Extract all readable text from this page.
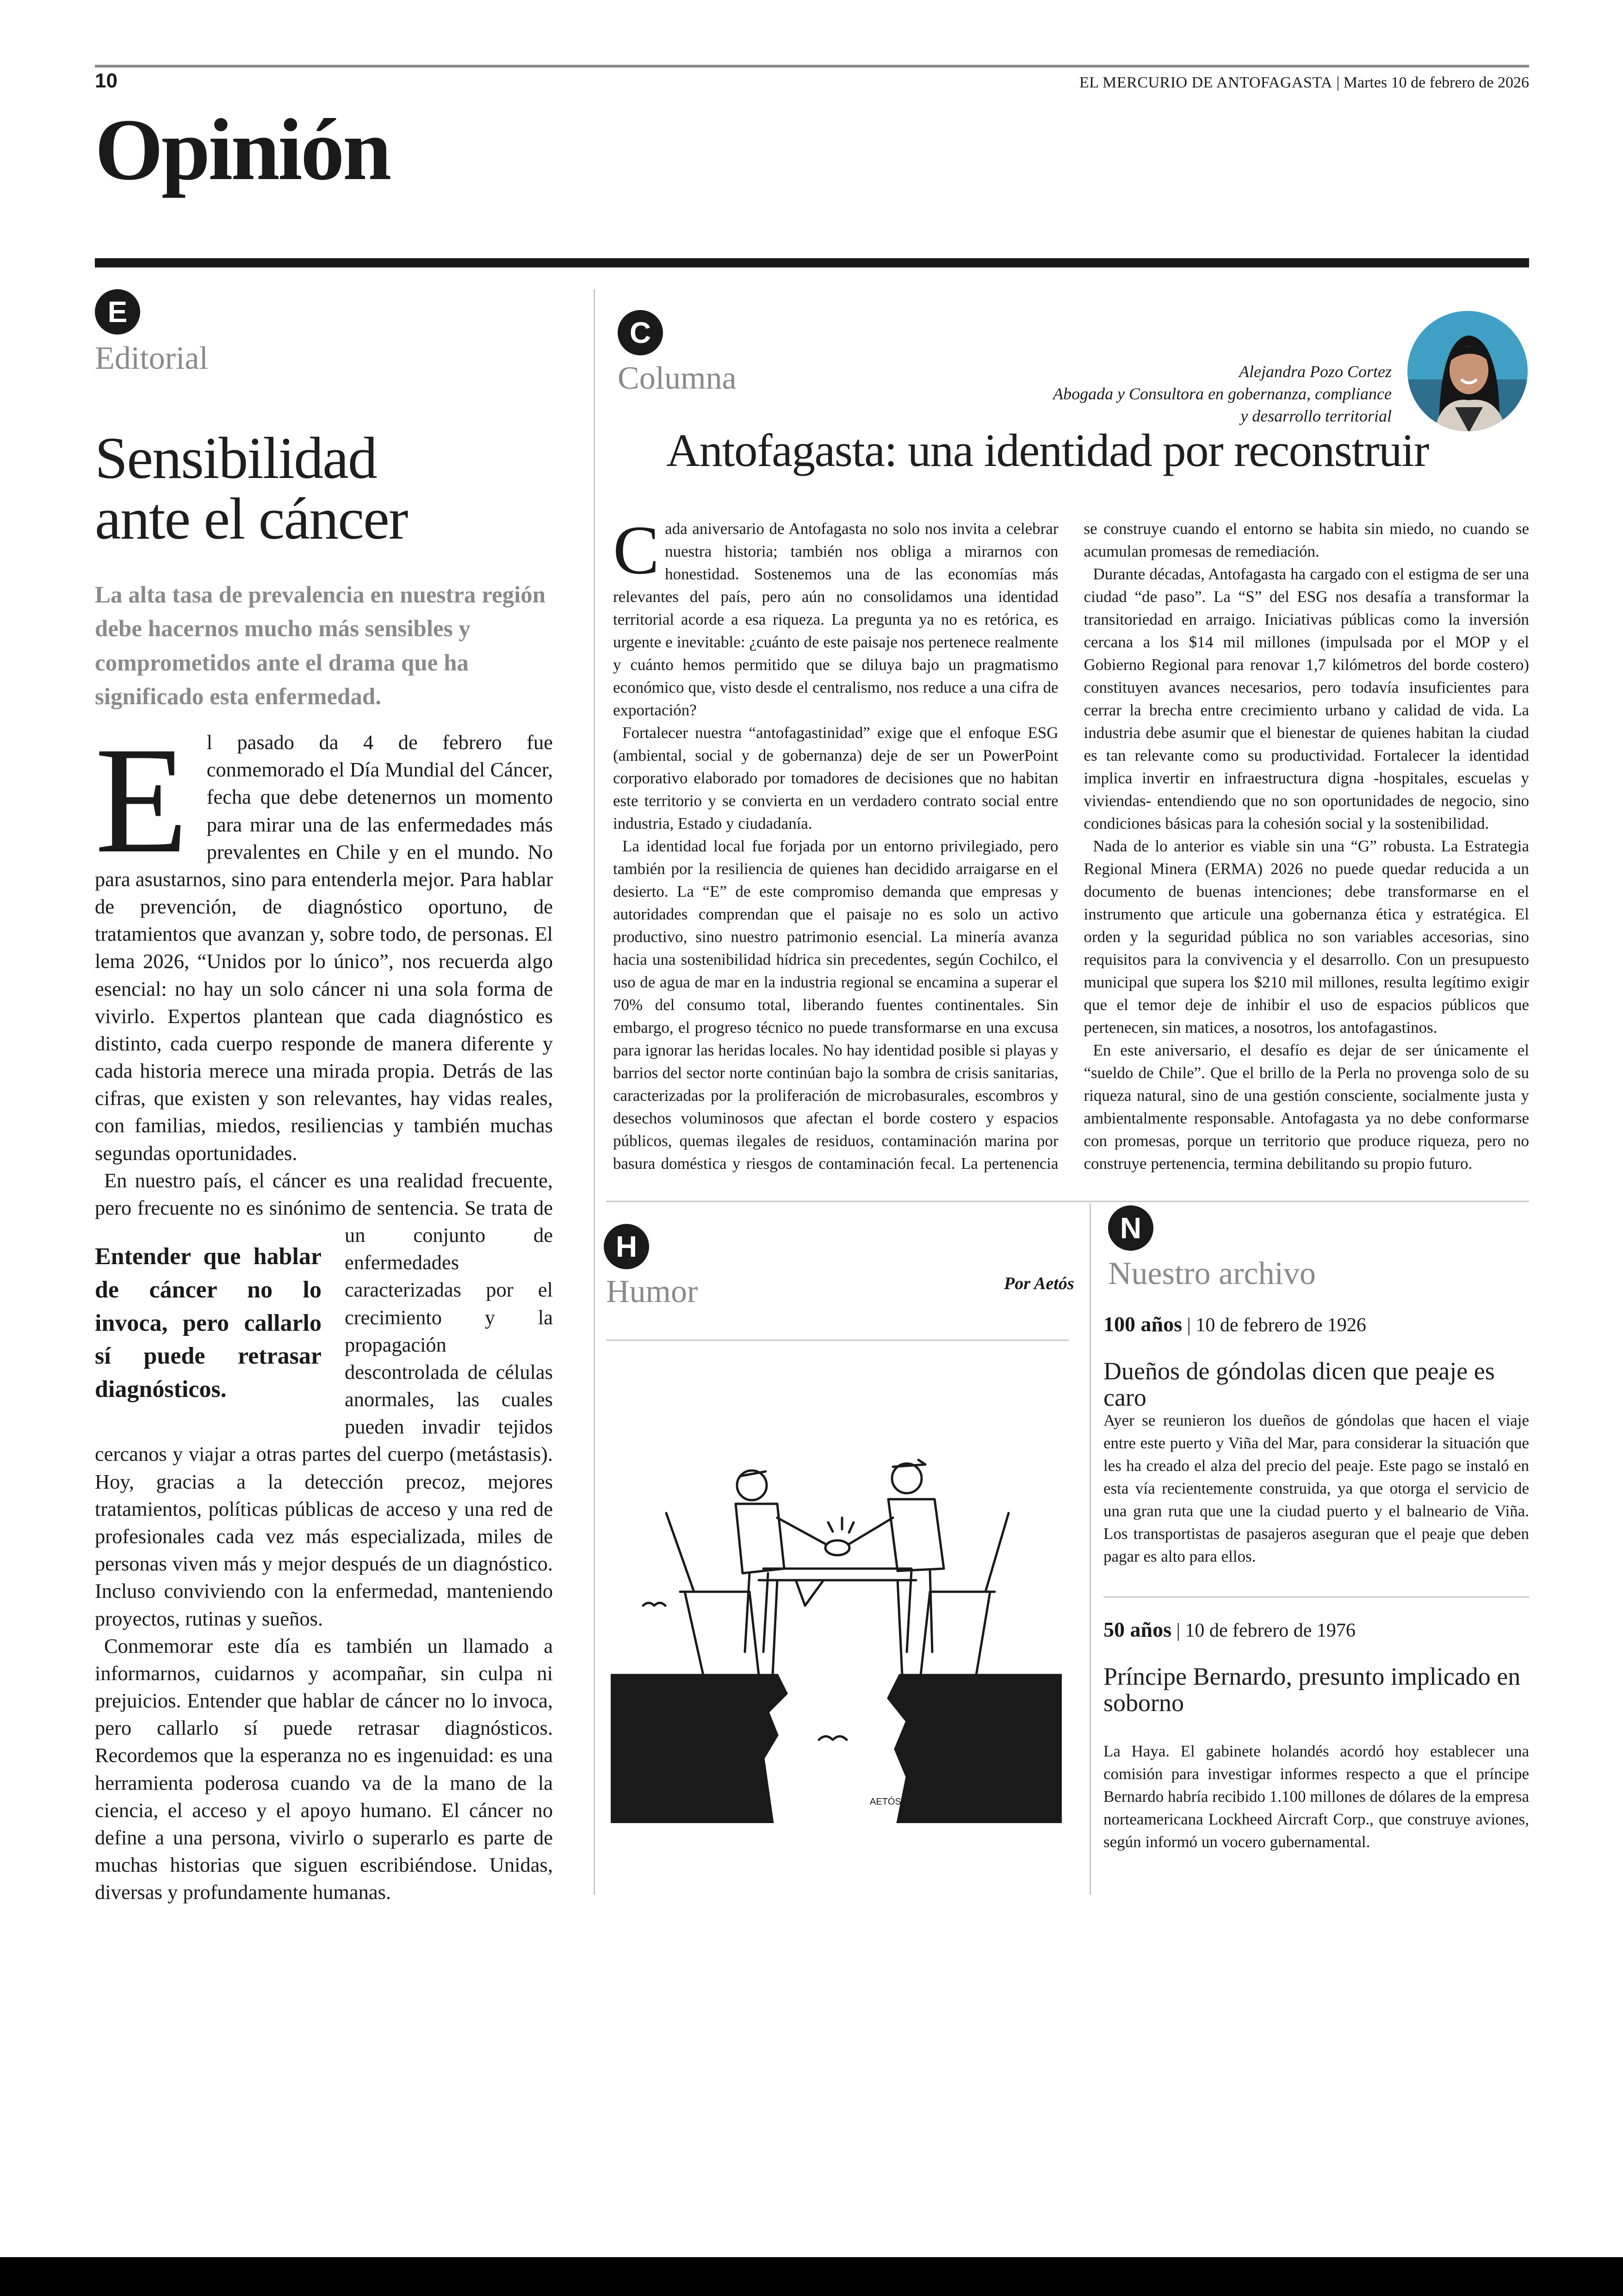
10	EL MERCURIO DE ANTOFAGASTA | Martes 10 de febrero de 2026
Opinión
E
Editorial
Sensibilidad
ante el cáncer
La alta tasa de prevalencia en nuestra región debe hacernos mucho más sensibles y comprometidos ante el drama que ha significado esta enfermedad.

El pasado da 4 de febrero fue conmemorado el Día Mundial del Cáncer, fecha que debe detenernos un momento para mirar una de las enfermedades más prevalentes en Chile y en el mundo. No para asustarnos, sino para entenderla mejor. Para hablar de prevención, de diagnóstico oportuno, de tratamientos que avanzan y, sobre todo, de personas. El lema 2026, “Unidos por lo único”, nos recuerda algo esencial: no hay un solo cáncer ni una sola forma de vivirlo. Expertos plantean que cada diagnóstico es distinto, cada cuerpo responde de manera diferente y cada historia merece una mirada propia. Detrás de las cifras, que existen y son relevantes, hay vidas reales, con familias, miedos, resiliencias y también muchas segundas oportunidades.

En nuestro país, el cáncer es una realidad frecuente, pero frecuente no es sinónimo de sentencia. Se trata
Entender que hablar de cáncer no lo invoca, pero callarlo sí puede retrasar diagnósticos.
de un conjunto de enfermedades caracterizadas por el crecimiento y la propagación descontrolada de células anormales, las cuales pueden invadir tejidos cercanos y viajar a otras partes del cuerpo (metástasis). Hoy, gracias a la detección precoz, mejores tratamientos, políticas públicas de acceso y una red de profesionales cada vez más especializada, miles de personas viven más y mejor después de un diagnóstico. Incluso conviviendo con la enfermedad, manteniendo proyectos, rutinas y sueños.

Conmemorar este día es también un llamado a informarnos, cuidarnos y acompañar, sin culpa ni prejuicios. Entender que hablar de cáncer no lo invoca, pero callarlo sí puede retrasar diagnósticos. Recordemos que la esperanza no es ingenuidad: es una herramienta poderosa cuando va de la mano de la ciencia, el acceso y el apoyo humano. El cáncer no define a una persona, vivirlo o superarlo es parte de muchas historias que siguen escribiéndose. Unidas, diversas y profundamente humanas.

C
Columna	Alejandra Pozo Cortez
Abogada y Consultora en gobernanza, compliance
y desarrollo territorial
Antofagasta: una identidad por reconstruir

Cada aniversario de Antofagasta no solo nos invita a celebrar nuestra historia; también nos obliga a mirarnos con honestidad. Sostenemos una de las economías más relevantes del país, pero aún no consolidamos una identidad territorial acorde a esa riqueza. La pregunta ya no es retórica, es urgente e inevitable: ¿cuánto de este paisaje nos pertenece realmente y cuánto hemos permitido que se diluya bajo un pragmatismo económico que, visto desde el centralismo, nos reduce a una cifra de exportación?

Fortalecer nuestra “antofagastinidad” exige que el enfoque ESG (ambiental, social y de gobernanza) deje de ser un PowerPoint corporativo elaborado por tomadores de decisiones que no habitan este territorio y se convierta en un verdadero contrato social entre industria, Estado y ciudadanía.

La identidad local fue forjada por un entorno privilegiado, pero también por la resiliencia de quienes han decidido arraigarse en el desierto. La “E” de este compromiso demanda que empresas y autoridades comprendan que el paisaje no es solo un activo productivo, sino nuestro patrimonio esencial. La minería avanza hacia una sostenibilidad hídrica sin precedentes, según Cochilco, el uso de agua de mar en la industria regional se encamina a superar el 70% del consumo total, liberando fuentes continentales. Sin embargo, el progreso técnico no puede transformarse en una excusa para ignorar las heridas locales. No hay identidad posible si playas y barrios del sector norte continúan bajo la sombra de crisis sanitarias, caracterizadas por la proliferación de microbasurales, escombros y desechos voluminosos que afectan el borde costero y espacios públicos, quemas ilegales de residuos, contaminación marina por basura doméstica y riesgos de contaminación fecal. La pertenencia se construye cuando el entorno se habita sin miedo, no cuando se acumulan promesas de remediación.

Durante décadas, Antofagasta ha cargado con el estigma de ser una ciudad “de paso”. La “S” del ESG nos desafía a transformar la transitoriedad en arraigo. Iniciativas públicas como la inversión cercana a los $14 mil millones (impulsada por el MOP y el Gobierno Regional para renovar 1,7 kilómetros del borde costero) constituyen avances necesarios, pero todavía insuficientes para cerrar la brecha entre crecimiento urbano y calidad de vida. La industria debe asumir que el bienestar de quienes habitan la ciudad es tan relevante como su productividad. Fortalecer la identidad implica invertir en infraestructura digna -hospitales, escuelas y viviendas- entendiendo que no son oportunidades de negocio, sino condiciones básicas para la cohesión social y la sostenibilidad.

Nada de lo anterior es viable sin una “G” robusta. La Estrategia Regional Minera (ERMA) 2026 no puede quedar reducida a un documento de buenas intenciones; debe transformarse en el instrumento que articule una gobernanza ética y estratégica. El orden y la seguridad pública no son variables accesorias, sino requisitos para la convivencia y el desarrollo. Con un presupuesto municipal que supera los $210 mil millones, resulta legítimo exigir que el temor deje de inhibir el uso de espacios públicos que pertenecen, sin matices, a nosotros, los antofagastinos.

En este aniversario, el desafío es dejar de ser únicamente el “sueldo de Chile”. Que el brillo de la Perla no provenga solo de su riqueza natural, sino de una gestión consciente, socialmente justa y ambientalmente responsable. Antofagasta ya no debe conformarse con promesas, porque un territorio que produce riqueza, pero no construye pertenencia, termina debilitando su propio futuro.

H
Humor	Por Aetós
AETÓS
N
Nuestro archivo
100 años | 10 de febrero de 1926
Dueños de góndolas dicen que peaje es caro
Ayer se reunieron los dueños de góndolas que hacen el viaje entre este puerto y Viña del Mar, para considerar la situación que les ha creado el alza del precio del peaje. Este pago se instaló en esta vía recientemente construida, ya que otorga el servicio de una gran ruta que une la ciudad puerto y el balneario de Viña. Los transportistas de pasajeros aseguran que el peaje que deben pagar es alto para ellos.
50 años | 10 de febrero de 1976
Príncipe Bernardo, presunto implicado en soborno
La Haya. El gabinete holandés acordó hoy establecer una comisión para investigar informes respecto a que el príncipe Bernardo habría recibido 1.100 millones de dólares de la empresa norteamericana Lockheed Aircraft Corp., que construye aviones, según informó un vocero gubernamental.
